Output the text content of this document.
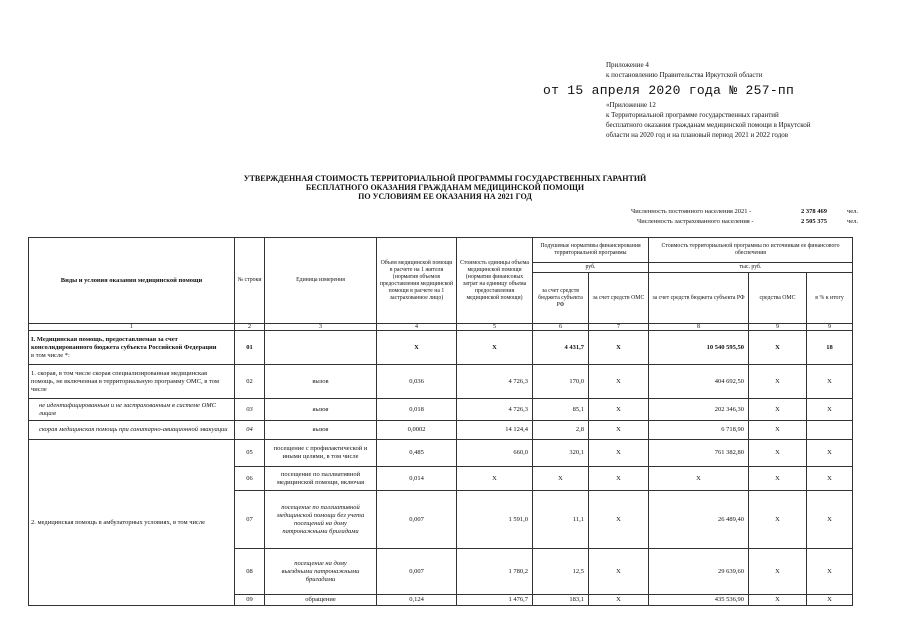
Приложение 4
к постановлению Правительства Иркутской области
от 15 апреля 2020 года № 257-пп
«Приложение 12
к Территориальной программе государственных гарантий
бесплатного оказания гражданам медицинской помощи в Иркутской
области на 2020 год и на плановый период 2021 и 2022 годов
УТВЕРЖДЕННАЯ СТОИМОСТЬ ТЕРРИТОРИАЛЬНОЙ ПРОГРАММЫ ГОСУДАРСТВЕННЫХ ГАРАНТИЙ
БЕСПЛАТНОГО ОКАЗАНИЯ ГРАЖДАНАМ МЕДИЦИНСКОЙ ПОМОЩИ
ПО УСЛОВИЯМ ЕЕ ОКАЗАНИЯ НА 2021 ГОД
Численность постоянного населения 2021 -	2 378 469	чел.
Численность застрахованного населения -	2 505 375	чел.
Виды и условия оказания медицинской помощи	№ строки	Единица измерения	Объем медицинской помощи в расчете на 1 жителя (норматив объемов предоставления медицинской помощи в расчете на 1 застрахованное лицо)	Стоимость единицы объема медицинской помощи (норматив финансовых затрат на единицу объема предоставления медицинской помощи)	Подушевые нормативы финансирования территориальной программы		Стоимость территориальной программы по источникам ее финансового обеспечения		
					руб.		тыс. руб.		
					за счет средств бюджета субъекта РФ	за счет средств ОМС	за счет средств бюджета субъекта РФ	средства ОМС	в % к итогу
1	2	3	4	5	6	7	8	9	9
I. Медицинская помощь, предоставляемая за счет консолидированного бюджета субъекта Российской Федерации
в том числе *:	01		X	X	4 431,7	X	10 540 595,50	X	18
1. скорая, в том числе скорая специализированная медицинская помощь, не включенная в территориальную программу ОМС, в том числе	02	вызов	0,036	4 726,3	170,0	X	404 692,50	X	X
не идентифицированным и не застрахованным в системе ОМС лицам	03	вызов	0,018	4 726,3	85,1	X	202 346,30	X	X
скорая медицинская помощь при санитарно-авиационной эвакуации	04	вызов	0,0002	14 124,4	2,8	X	6 718,90	X	
2. медицинская помощь в амбулаторных условиях, в том числе	05	посещение с профилактической и иными целями, в том числе	0,485	660,0	320,1	X	761 382,80	X	X
	06	посещение по паллиативной медицинской помощи, включая	0,014	X	X	X	X	X	X
	07	посещение по паллиативной медицинской помощи без учета посещений на дому патронажными бригадами	0,007	1 591,0	11,1	X	26 489,40	X	X
	08	посещение на дому выездными патронажными бригадами	0,007	1 780,2	12,5	X	29 639,60	X	X
	09	обращение	0,124	1 476,7	183,1	X	435 536,90	X	X
